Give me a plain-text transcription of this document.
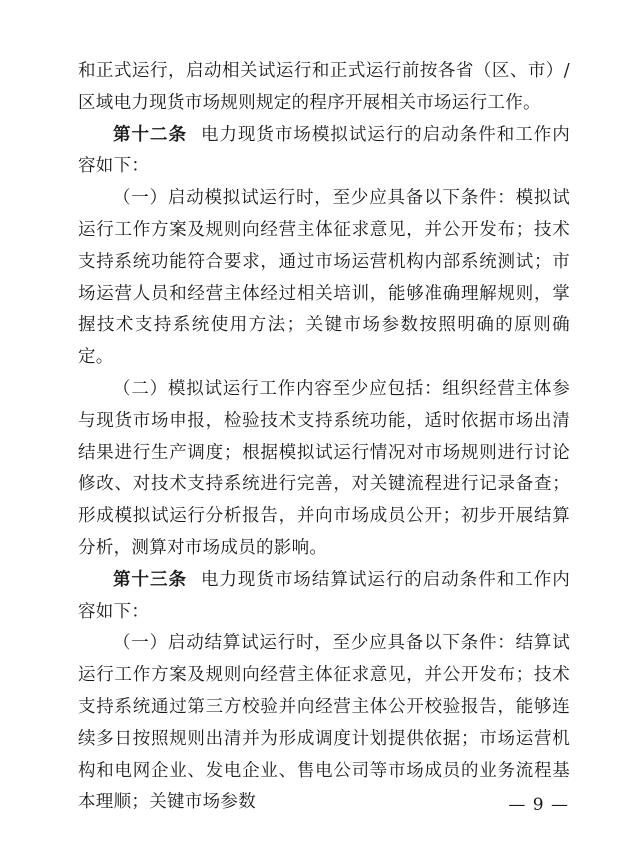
和正式运行，启动相关试运行和正式运行前按各省（区、市）/区域电力现货市场规则规定的程序开展相关市场运行工作。

第十二条 电力现货市场模拟试运行的启动条件和工作内容如下：

（一）启动模拟试运行时，至少应具备以下条件：模拟试运行工作方案及规则向经营主体征求意见，并公开发布；技术支持系统功能符合要求，通过市场运营机构内部系统测试；市场运营人员和经营主体经过相关培训，能够准确理解规则，掌握技术支持系统使用方法；关键市场参数按照明确的原则确定。

（二）模拟试运行工作内容至少应包括：组织经营主体参与现货市场申报，检验技术支持系统功能，适时依据市场出清结果进行生产调度；根据模拟试运行情况对市场规则进行讨论修改、对技术支持系统进行完善，对关键流程进行记录备查；形成模拟试运行分析报告，并向市场成员公开；初步开展结算分析，测算对市场成员的影响。

第十三条 电力现货市场结算试运行的启动条件和工作内容如下：

（一）启动结算试运行时，至少应具备以下条件：结算试运行工作方案及规则向经营主体征求意见，并公开发布；技术支持系统通过第三方校验并向经营主体公开校验报告，能够连续多日按照规则出清并为形成调度计划提供依据；市场运营机构和电网企业、发电企业、售电公司等市场成员的业务流程基本理顺；关键市场参数	— 9 —
